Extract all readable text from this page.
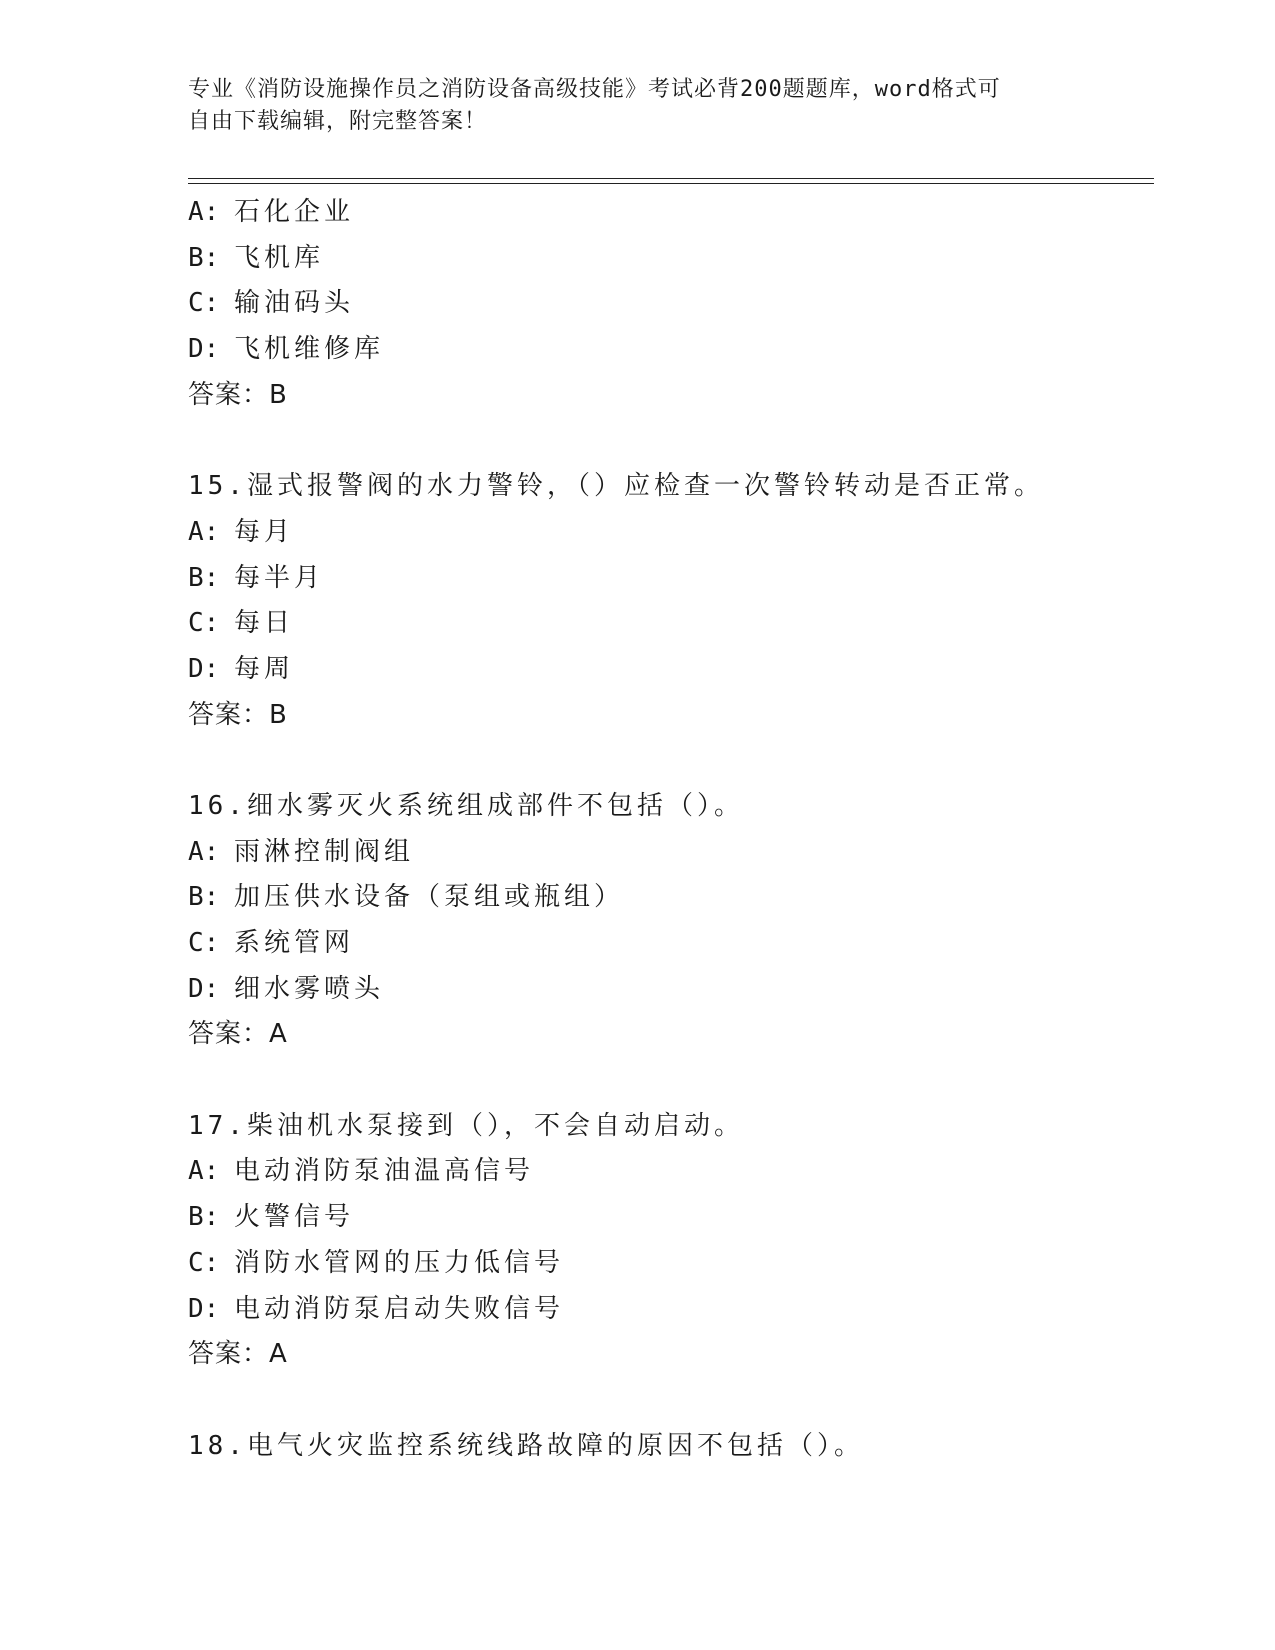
专业《消防设施操作员之消防设备高级技能》考试必背200题题库，word格式可
自由下载编辑，附完整答案！
A: 石化企业
B: 飞机库
C: 输油码头
D: 飞机维修库
答案：B
15.湿式报警阀的水力警铃，（）应检查一次警铃转动是否正常。
A: 每月
B: 每半月
C: 每日
D: 每周
答案：B
16.细水雾灭火系统组成部件不包括（）。
A: 雨淋控制阀组
B: 加压供水设备（泵组或瓶组）
C: 系统管网
D: 细水雾喷头
答案：A
17.柴油机水泵接到（），不会自动启动。
A: 电动消防泵油温高信号
B: 火警信号
C: 消防水管网的压力低信号
D: 电动消防泵启动失败信号
答案：A
18.电气火灾监控系统线路故障的原因不包括（）。
